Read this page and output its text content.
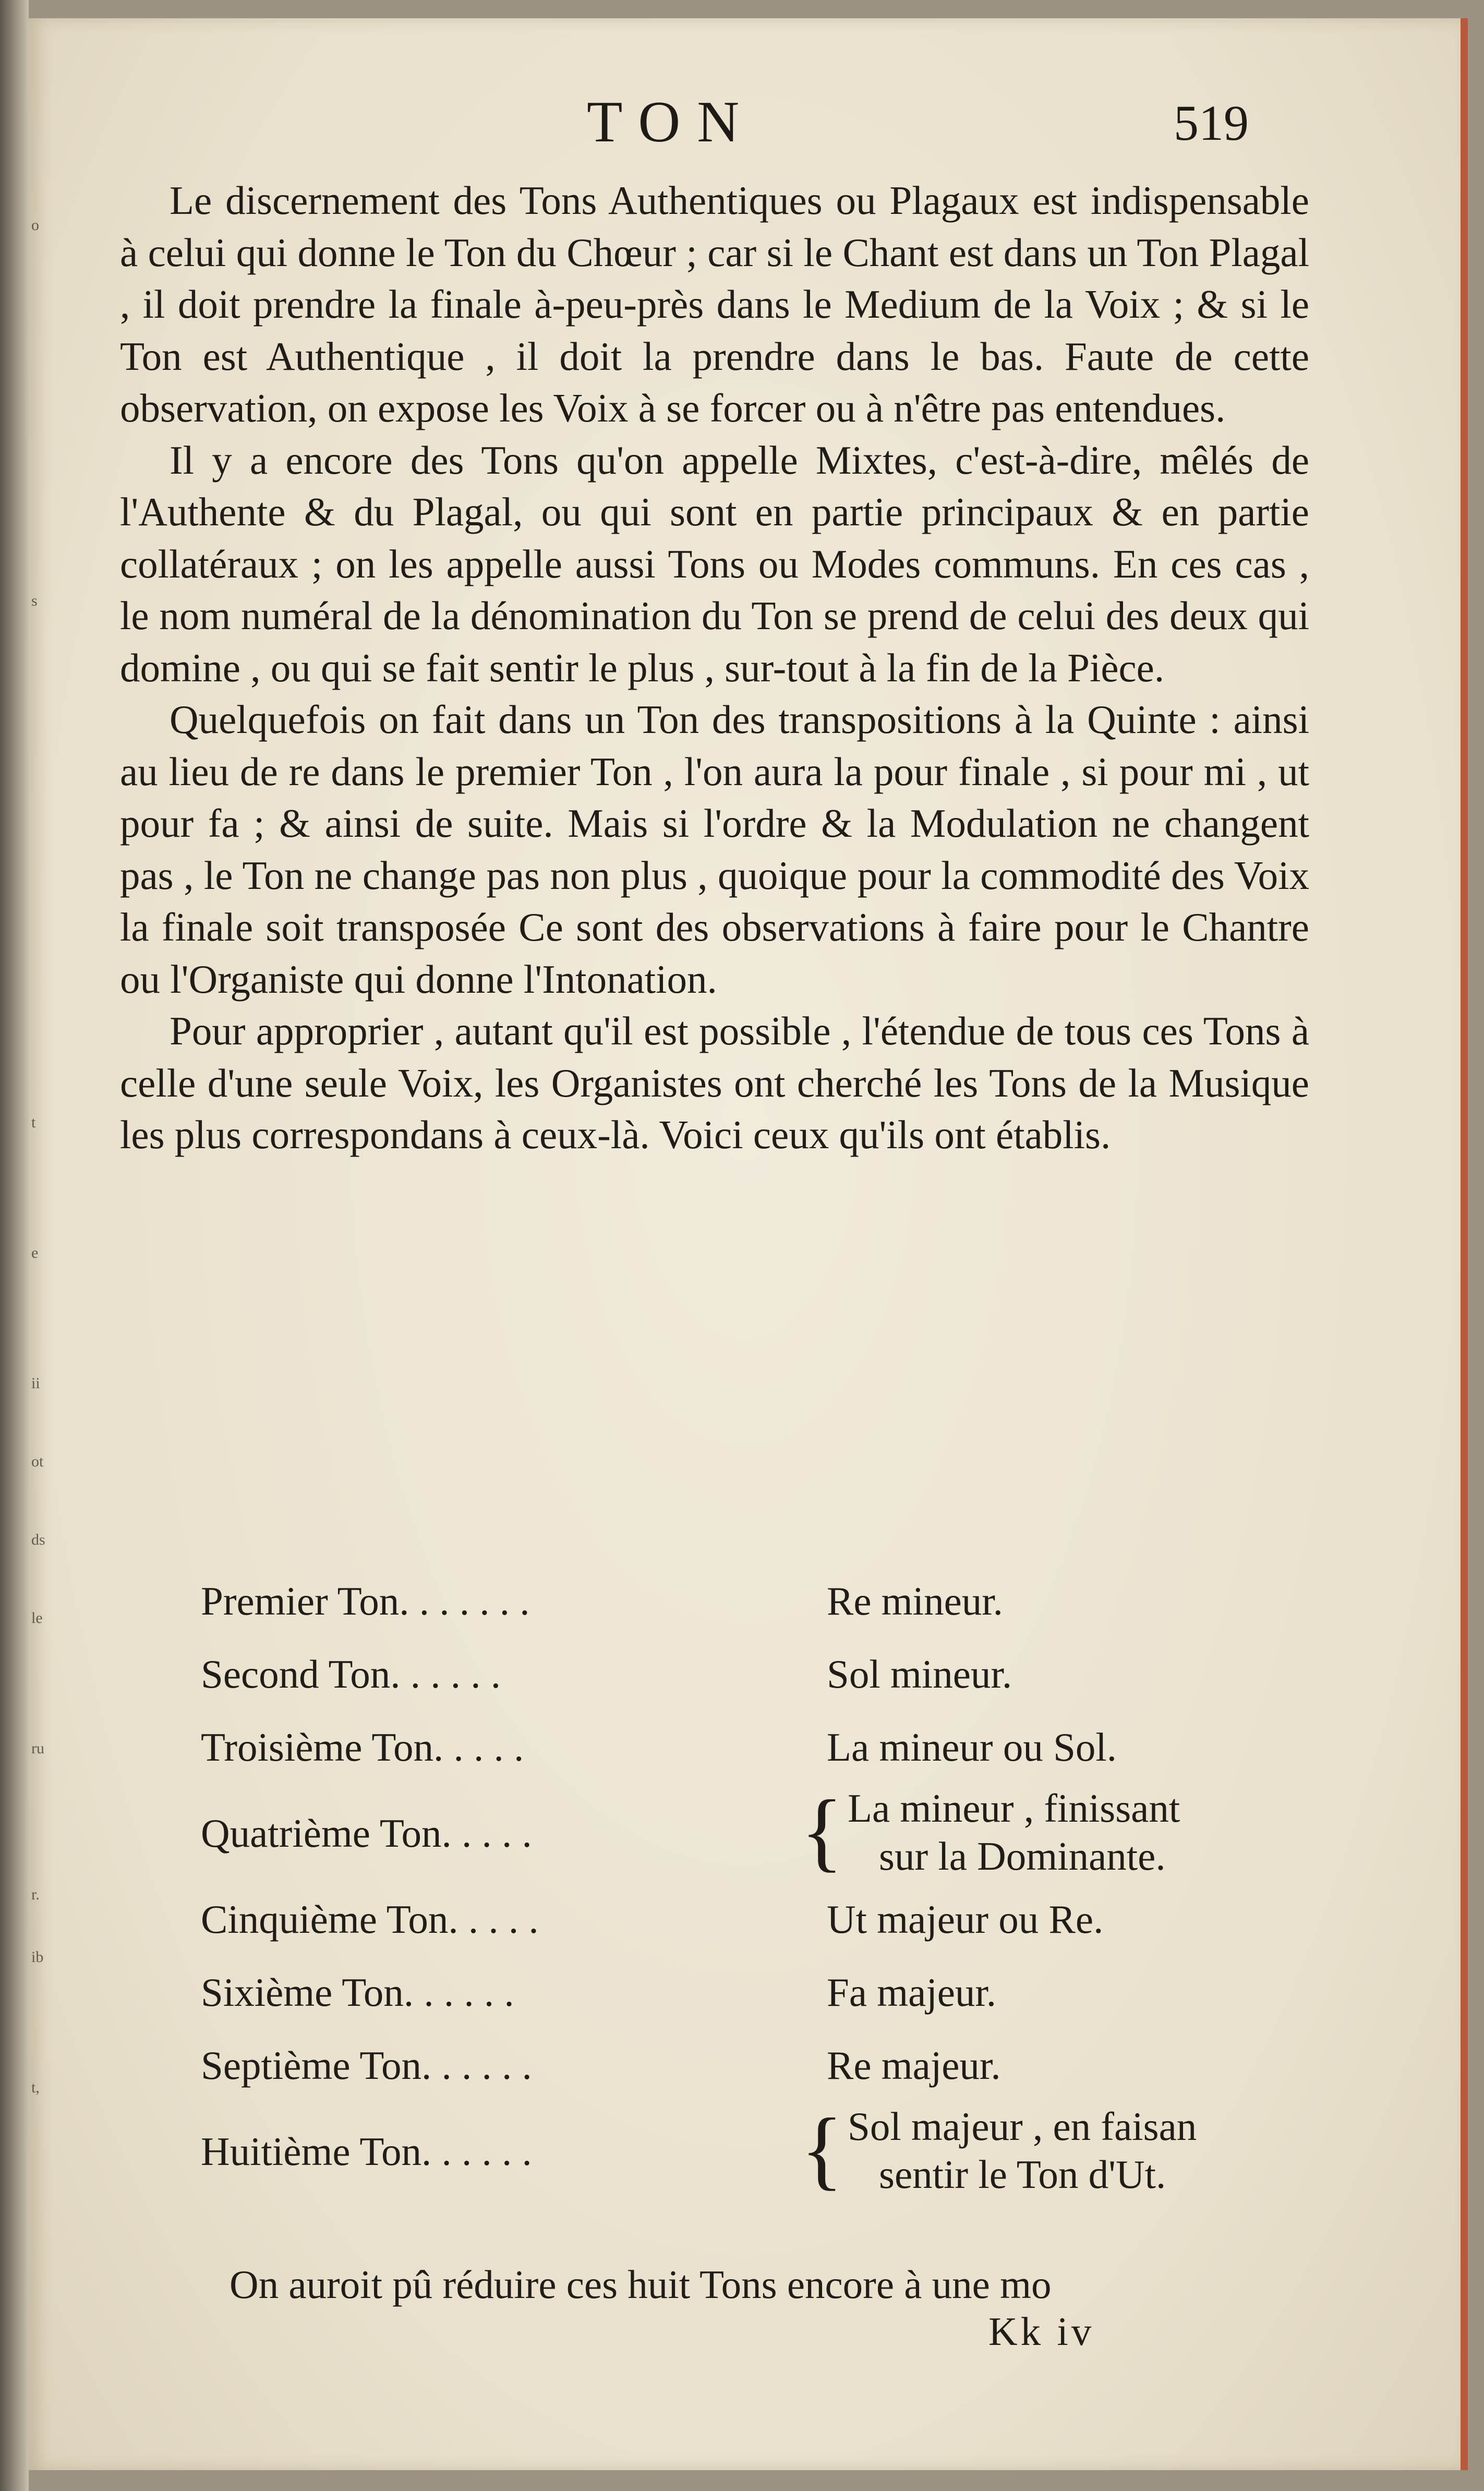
o
s
t
e
ii
ot
ds
le
ru
r.
ib
t,
TON	519

Le discernement des Tons Authentiques ou Plagaux est indispensable à celui qui donne le Ton du Chœur ; car si le Chant est dans un Ton Plagal , il doit prendre la finale à-peu-près dans le Medium de la Voix ; & si le Ton est Authentique , il doit la prendre dans le bas. Faute de cette observation, on expose les Voix à se forcer ou à n'être pas entendues.

Il y a encore des Tons qu'on appelle Mixtes, c'est-à-dire, mêlés de l'Authente & du Plagal, ou qui sont en partie principaux & en partie collatéraux ; on les appelle aussi Tons ou Modes communs. En ces cas , le nom numéral de la dénomination du Ton se prend de celui des deux qui domine , ou qui se fait sentir le plus , sur-tout à la fin de la Pièce.

Quelquefois on fait dans un Ton des transpositions à la Quinte : ainsi au lieu de re dans le premier Ton , l'on aura la pour finale , si pour mi , ut pour fa ; & ainsi de suite. Mais si l'ordre & la Modulation ne changent pas , le Ton ne change pas non plus , quoique pour la commodité des Voix la finale soit transposée Ce sont des observations à faire pour le Chantre ou l'Organiste qui donne l'Intonation.

Pour approprier , autant qu'il est possible , l'étendue de tous ces Tons à celle d'une seule Voix, les Organistes ont cherché les Tons de la Musique les plus correspondans à ceux-là. Voici ceux qu'ils ont établis.

Premier Ton. . . . . . .	Re mineur.
Second Ton. . . . . .	Sol mineur.
Troisième Ton. . . . .	La mineur ou Sol.
Quatrième Ton. . . . .	{ La mineur , finissant
sur la Dominante.
Cinquième Ton. . . . .	Ut majeur ou Re.
Sixième Ton. . . . . .	Fa majeur.
Septième Ton. . . . . .	Re majeur.
Huitième Ton. . . . . .	{ Sol majeur , en faisan
sentir le Ton d'Ut.
On auroit pû réduire ces huit Tons encore à une mo
Kk iv
